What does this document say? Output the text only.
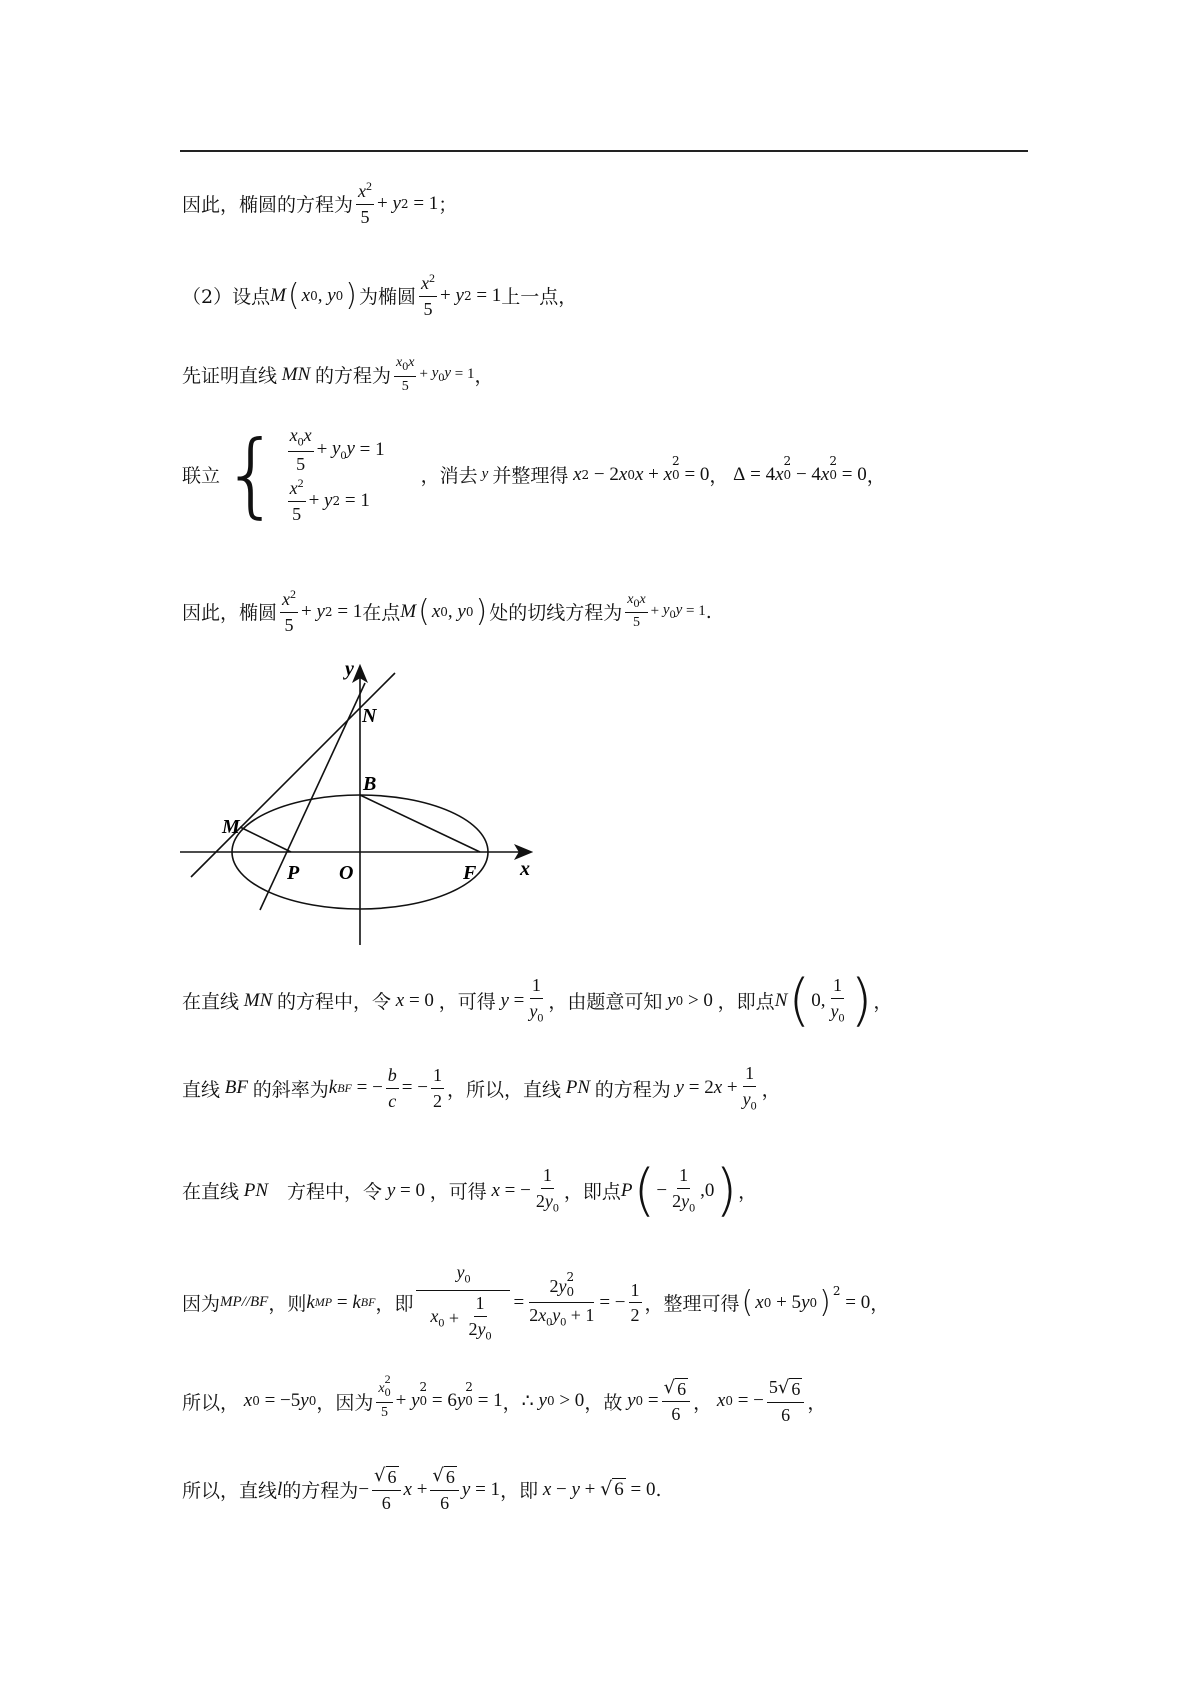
因此，椭圆的方程为 $\frac{x^2}{5} + y$ 2 = 1 ；
（2）设点 M ( x 0 , y 0 ) 为椭圆 $\frac{x^2}{5} + y$ 2 = 1 上一点，
先证明直线 MN 的方程为 $\frac{x_0x}{5} + y_0y = 1$ ，
联立 { $\frac{x_0x}{5} + y_0y = 1$
$\frac{x^2}{5} + y$ 2 = 1
，消去 y 并整理得 x 2 − 2 x 0 x + x
2
0 = 0 ， Δ = 4 x
2
0 − 4 x
2
0 = 0 ，
因此，椭圆 $\frac{x^2}{5} + y$ 2 = 1 在点 M ( x 0 , y 0 ) 处的切线方程为 $\frac{x_0x}{5} + y_0y = 1$ .
y
N
B
M
P O	F x
在直线 MN 的方程中，令 x = 0 ，可得 $y = \frac{1}{y_0}$ ，由题意可知 y 0 > 0 ，即点 N ( 0, $\frac{1}{y_0}$ ) ，
直线 BF 的斜率为 k BF = − $\frac{b}{c}$ = − $\frac{1}{2}$ ，所以，直线 PN 的方程为 y = 2 $x + \frac{1}{y_0}$ ，
在直线 PN 方程中，令 y = 0 ，可得 x = − $\frac{1}{2y_0}$ ，即点 P ( − $\frac{1}{2y_0} ,0$ ) ，
因为 MP//BF ，则 k MP = k BF ，即 $\frac{y_0}{x_0 + \frac{1}{2y_0}} = 2y$ $_{2 0}$
$2x_0y_0 + 1$ = − $\frac{1}{2}$ ，整理可得 ( x 0 + 5 y 0 )$^2$
= 0 ，
所以， x 0 = −5 y 0 ，因为 x
$_{2 0}$
5 + y
2
0 = 6 y
2
0 = 1 ， ∴ y 0 > 0 ，故 y $0 = \frac{√ 6}{6}$ ， x 0 = − $\frac{5 √ 6}{6}$ ，
所以，直线 l 的方程为 − $\frac{√ 6}{6}$ $x + \frac{√ 6}{6}$ y = 1 ，即 x − y + √ 6 = 0 .
